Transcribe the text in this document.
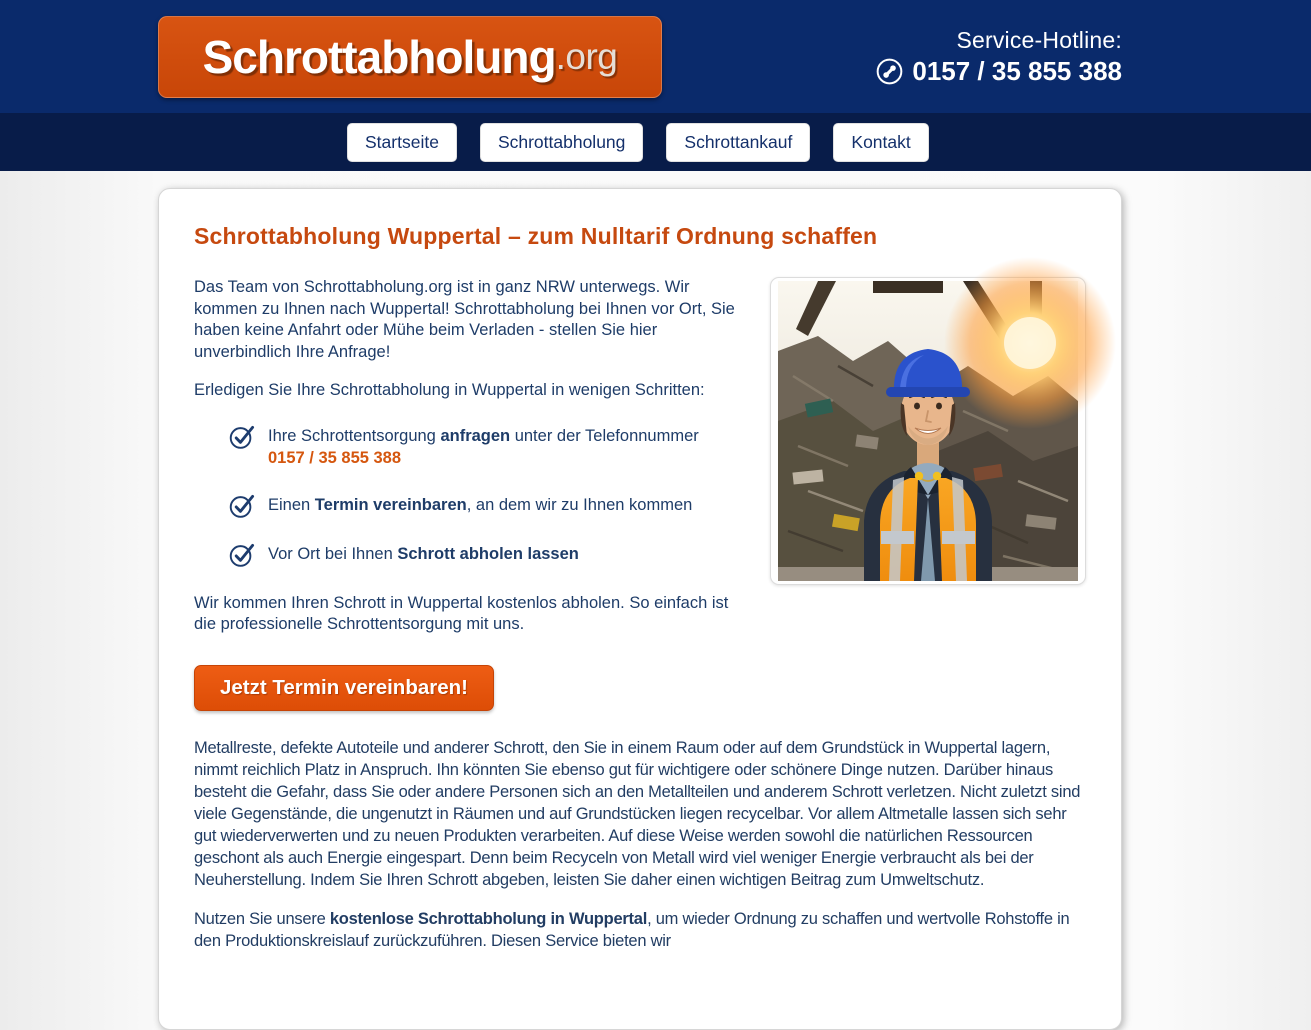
Schrottabholung .org	Service-Hotline:
0157 / 35 855 388
Startseite	Schrottabholung	Schrottankauf	Kontakt
Schrottabholung Wuppertal – zum Nulltarif Ordnung schaffen

Das Team von Schrottabholung.org ist in ganz NRW unterwegs. Wir kommen zu Ihnen nach Wuppertal! Schrottabholung bei Ihnen vor Ort, Sie haben keine Anfahrt oder Mühe beim Verladen - stellen Sie hier unverbindlich Ihre Anfrage!

Erledigen Sie Ihre Schrottabholung in Wuppertal in wenigen Schritten:

Ihre Schrottentsorgung anfragen unter der Telefonnummer
0157 / 35 855 388
Einen Termin vereinbaren, an dem wir zu Ihnen kommen
Vor Ort bei Ihnen Schrott abholen lassen

Wir kommen Ihren Schrott in Wuppertal kostenlos abholen. So einfach ist die professionelle Schrottentsorgung mit uns.

Jetzt Termin vereinbaren!

Metallreste, defekte Autoteile und anderer Schrott, den Sie in einem Raum oder auf dem Grundstück in Wuppertal lagern, nimmt reichlich Platz in Anspruch. Ihn könnten Sie ebenso gut für wichtigere oder schönere Dinge nutzen. Darüber hinaus besteht die Gefahr, dass Sie oder andere Personen sich an den Metallteilen und anderem Schrott verletzen. Nicht zuletzt sind viele Gegenstände, die ungenutzt in Räumen und auf Grundstücken liegen recycelbar. Vor allem Altmetalle lassen sich sehr gut wiederverwerten und zu neuen Produkten verarbeiten. Auf diese Weise werden sowohl die natürlichen Ressourcen geschont als auch Energie eingespart. Denn beim Recyceln von Metall wird viel weniger Energie verbraucht als bei der Neuherstellung. Indem Sie Ihren Schrott abgeben, leisten Sie daher einen wichtigen Beitrag zum Umweltschutz.

Nutzen Sie unsere kostenlose Schrottabholung in Wuppertal, um wieder Ordnung zu schaffen und wertvolle Rohstoffe in den Produktionskreislauf zurückzuführen. Diesen Service bieten wir
